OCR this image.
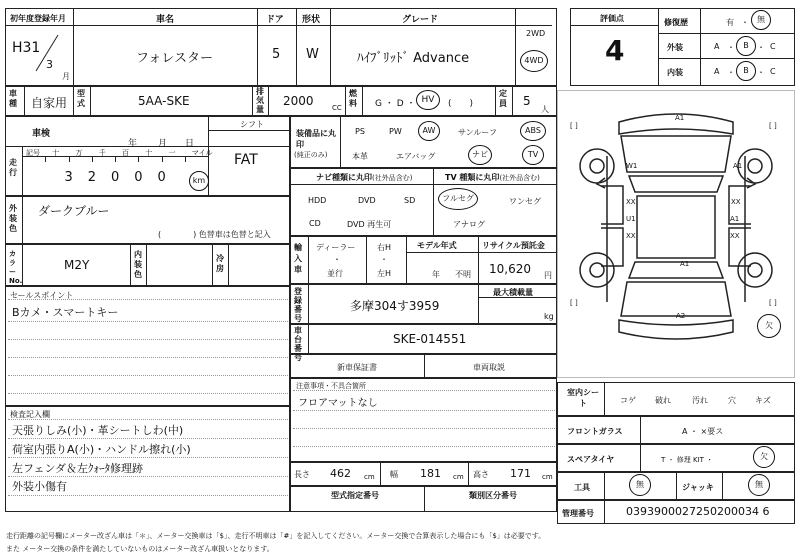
初年度登録年月	車名	ドア 形状	グレード
H31
3
月
フォレスター	5 W	ﾊｲﾌﾞﾘｯﾄﾞ Advance
2WD
4WD
車種 自家用
型式	5AA-SKE
排気量
2000	CC
燃料 G ・ D ・ HV	(　　)
定員 5
人
車検
年 月 日
シフト
FAT
走行
記号 十 万 千 百 十 一 マイル
3 2 0 0 0	km
外装色
ダークブルー
(　　　　) 色替車は色替と記入
カラーNo.
M2Y
内装色
冷房
セールスポイント
Bカメ・スマートキー
検査記入欄
天張りしみ(小)・革シートしわ(中)
荷室内張りA(小)・ハンドル擦れ(小)
左フェンダ＆左ｸｫｰﾀ修理跡
外装小傷有
装備品に丸印
(純正のみ)
PS	PW	AW	サンルーフ	ABS
本革	エアバッグ	ナビ	TV
ナビ種類に丸印(社外品含む)	TV 種類に丸印(社外品含む)
HDD	DVD	SD
CD	DVD 再生可
フルセグ	ワンセグ
アナログ
輸入車
ディーラー
・
並行
右H
・
左H
モデル年式
年 不明
リサイクル預託金
10,620 円
登録番号
多摩304す3959
最大積載量
kg
車台番号
SKE-014551
新車保証書	車両取説
注意事項・不具合箇所
フロアマットなし
長さ 462 cm 幅 181 cm 高さ 171 cm
型式指定番号	類別区分番号
評価点
4
修復歴	有 ・	無
外装	A ・	B	・ C
内装	A ・	B	・ C
[ ]	[ ]
[ ]	[ ]
A1
W1
XX
XX
U1
XX
A1
A1
A2
A1
XX
欠
室内シート	コゲ 破れ	汚れ	穴 キズ
フロントガラス	A ・ ×要ス
スペアタイヤ	T ・ 修理 KIT ・	欠
工具	無	ジャッキ	無
管理番号	0393900027250200034 6
走行距離の記号欄にメーター改ざん車は「＊」、メーター交換車は「$」、走行不明車は「#」を記入してください。メーター交換で合算表示した場合にも「$」は必要です。
また メーター交換の条件を満たしていないものはメーター改ざん車扱いとなります。
